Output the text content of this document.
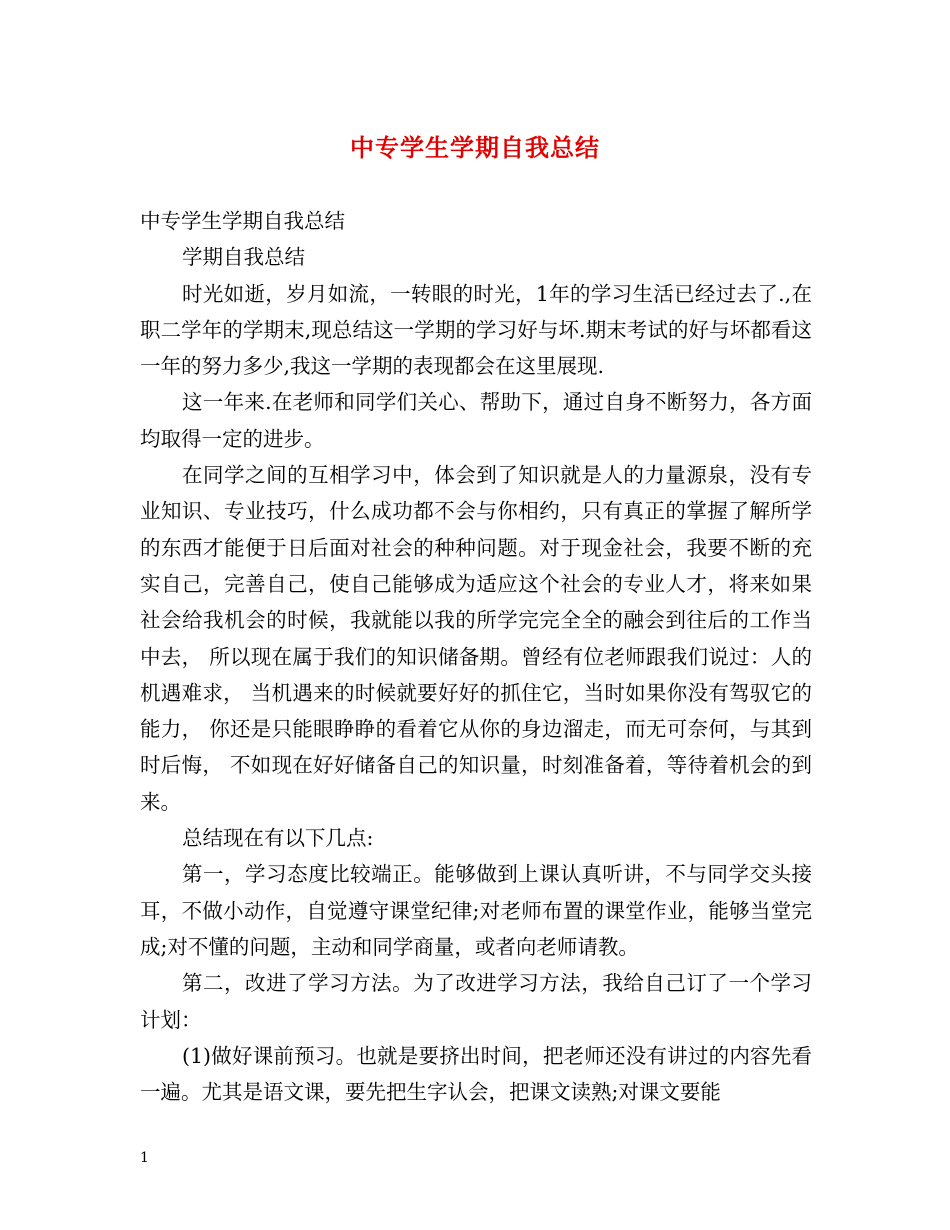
中专学生学期自我总结

中专学生学期自我总结

学期自我总结

时光如逝，岁月如流，一转眼的时光，1年的学习生活已经过去了.,在职二学年的学期末,现总结这一学期的学习好与坏.期末考试的好与坏都看这一年的努力多少,我这一学期的表现都会在这里展现.

这一年来.在老师和同学们关心、帮助下，通过自身不断努力，各方面均取得一定的进步。

在同学之间的互相学习中，体会到了知识就是人的力量源泉，没有专业知识、专业技巧，什么成功都不会与你相约，只有真正的掌握了解所学的东西才能便于日后面对社会的种种问题。对于现金社会，我要不断的充实自己，完善自己，使自己能够成为适应这个社会的专业人才，将来如果社会给我机会的时候，我就能以我的所学完完全全的融会到往后的工作当中去， 所以现在属于我们的知识储备期。曾经有位老师跟我们说过：人的机遇难求， 当机遇来的时候就要好好的抓住它，当时如果你没有驾驭它的能力， 你还是只能眼睁睁的看着它从你的身边溜走，而无可奈何，与其到时后悔， 不如现在好好储备自己的知识量，时刻准备着，等待着机会的到来。

总结现在有以下几点:

第一，学习态度比较端正。能够做到上课认真听讲，不与同学交头接耳，不做小动作，自觉遵守课堂纪律;对老师布置的课堂作业，能够当堂完成;对不懂的问题，主动和同学商量，或者向老师请教。

第二，改进了学习方法。为了改进学习方法，我给自己订了一个学习计划：

(1)做好课前预习。也就是要挤出时间，把老师还没有讲过的内容先看一遍。尤其是语文课，要先把生字认会，把课文读熟;对课文要能

1
